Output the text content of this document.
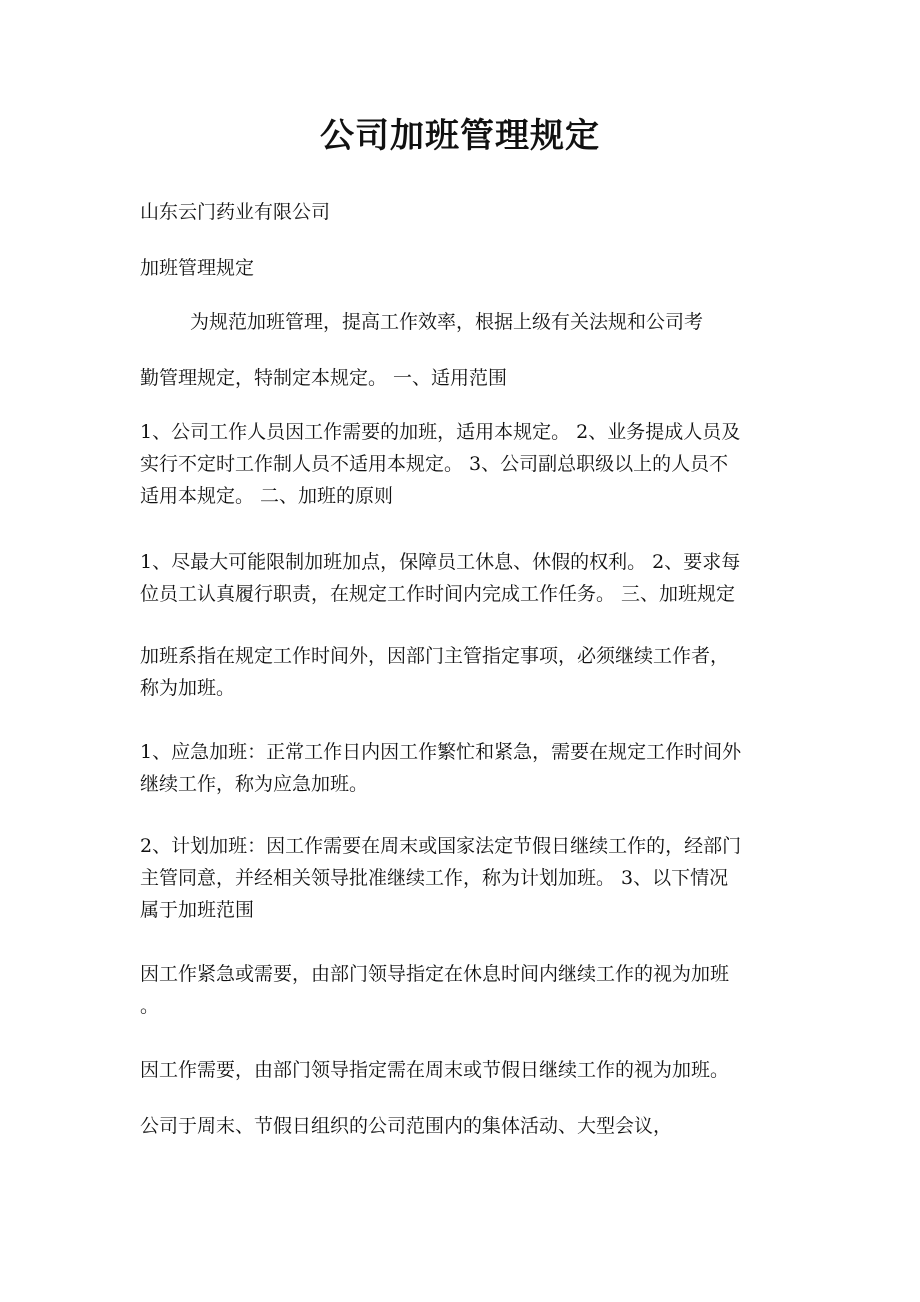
公司加班管理规定
山东云门药业有限公司
加班管理规定
为规范加班管理，提高工作效率，根据上级有关法规和公司考
勤管理规定，特制定本规定。 一、适用范围
1、公司工作人员因工作需要的加班，适用本规定。 2、业务提成人员及
实行不定时工作制人员不适用本规定。 3、公司副总职级以上的人员不
适用本规定。 二、加班的原则
1、尽最大可能限制加班加点，保障员工休息、休假的权利。 2、要求每
位员工认真履行职责，在规定工作时间内完成工作任务。 三、加班规定
加班系指在规定工作时间外，因部门主管指定事项，必须继续工作者，
称为加班。
1、应急加班：正常工作日内因工作繁忙和紧急，需要在规定工作时间外
继续工作，称为应急加班。
2、计划加班：因工作需要在周末或国家法定节假日继续工作的，经部门
主管同意，并经相关领导批准继续工作，称为计划加班。 3、以下情况
属于加班范围
因工作紧急或需要，由部门领导指定在休息时间内继续工作的视为加班
。
因工作需要，由部门领导指定需在周末或节假日继续工作的视为加班。
公司于周末、节假日组织的公司范围内的集体活动、大型会议，
